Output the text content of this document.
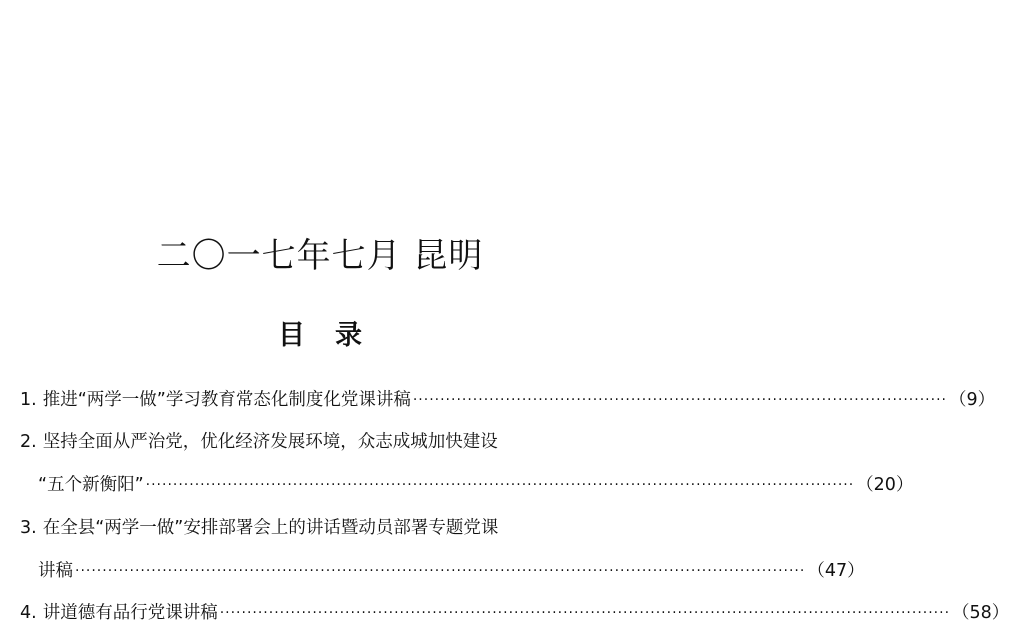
二〇一七年七月 昆明
目录
1. 推进“两学一做”学习教育常态化制度化党课讲稿 ·································································································· （9）
2. 坚持全面从严治党，优化经济发展环境，众志成城加快建设
“五个新衡阳” ·································································································································· （20）
3. 在全县“两学一做”安排部署会上的讲话暨动员部署专题党课
讲稿 ······································································································································ （47）
4. 讲道德有品行党课讲稿 ······································································································································ （58）
